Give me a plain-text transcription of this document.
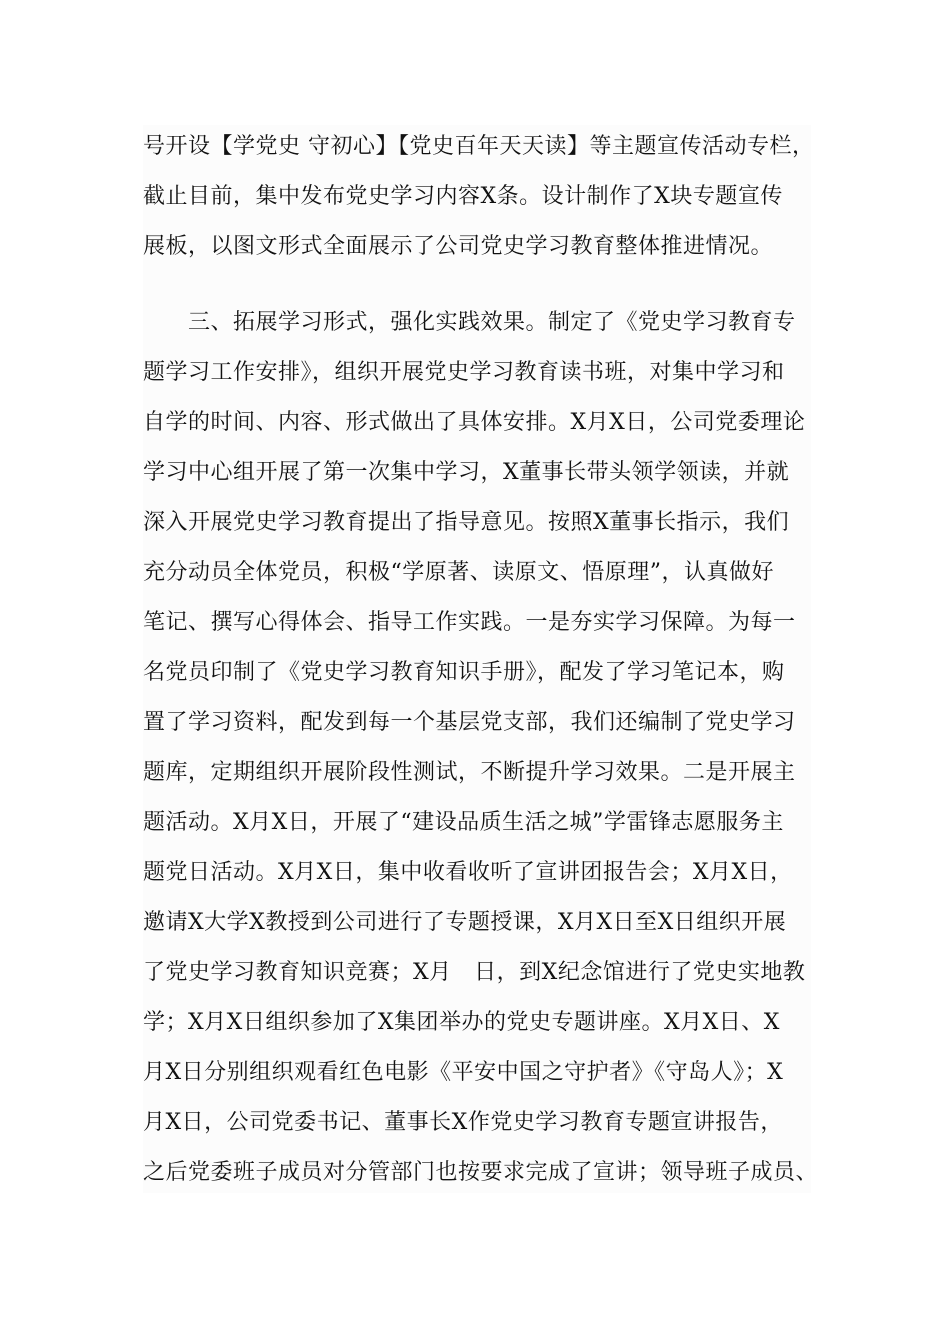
号开设【学党史 守初心】【党史百年天天读】等主题宣传活动专栏，
截止目前，集中发布党史学习内容X条。设计制作了X块专题宣传
展板，以图文形式全面展示了公司党史学习教育整体推进情况。
　　三、拓展学习形式，强化实践效果。制定了《党史学习教育专
题学习工作安排》，组织开展党史学习教育读书班，对集中学习和
自学的时间、内容、形式做出了具体安排。X月X日，公司党委理论
学习中心组开展了第一次集中学习，X董事长带头领学领读，并就
深入开展党史学习教育提出了指导意见。按照X董事长指示，我们
充分动员全体党员，积极“学原著、读原文、悟原理”，认真做好
笔记、撰写心得体会、指导工作实践。一是夯实学习保障。为每一
名党员印制了《党史学习教育知识手册》，配发了学习笔记本，购
置了学习资料，配发到每一个基层党支部，我们还编制了党史学习
题库，定期组织开展阶段性测试，不断提升学习效果。二是开展主
题活动。X月X日，开展了“建设品质生活之城”学雷锋志愿服务主
题党日活动。X月X日，集中收看收听了宣讲团报告会；X月X日，
邀请X大学X教授到公司进行了专题授课，X月X日至X日组织开展
了党史学习教育知识竞赛；X月　日，到X纪念馆进行了党史实地教
学；X月X日组织参加了X集团举办的党史专题讲座。X月X日、X
月X日分别组织观看红色电影《平安中国之守护者》《守岛人》；X
月X日，公司党委书记、董事长X作党史学习教育专题宣讲报告，
之后党委班子成员对分管部门也按要求完成了宣讲；领导班子成员、
